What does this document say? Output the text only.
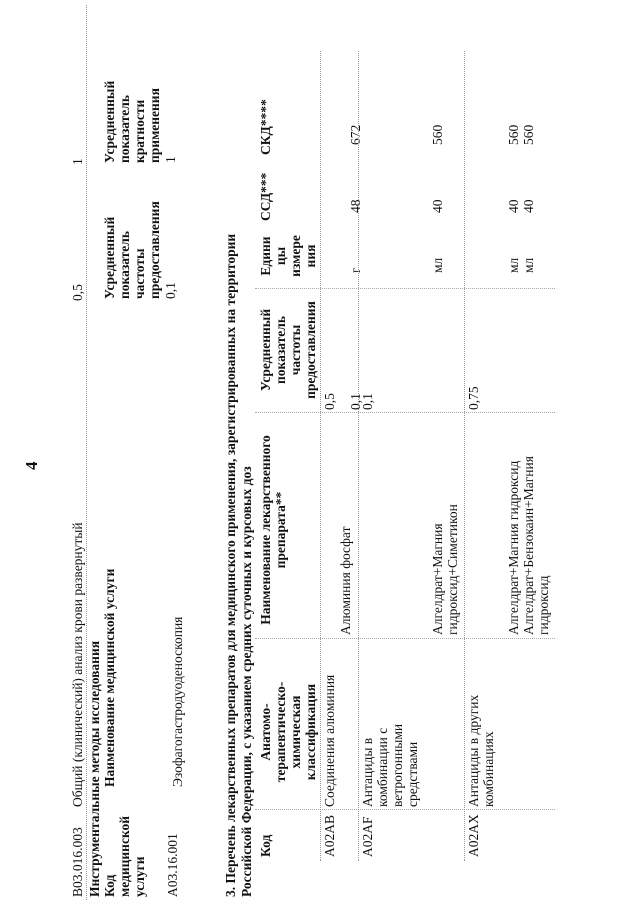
4
B03.016.003
Общий (клинический) анализ крови развернутый
0,5
1
Инструментальные методы исследования Код медицинской услуги
Наименование медицинской услуги
Усредненный показатель частоты предоставления
Усредненный показатель кратности применения
A03.16.001
Эзофагогастродуоденоскопия
0,1
1
3. Перечень лекарственных препаратов для медицинского применения, зарегистрированных на территории Российской Федерации, с указанием средних суточных и курсовых доз Код
Анатомо- терапевтическо- химическая классификация
Наименование лекарственного препарата**
Усредненный показатель частоты предоставления
Едини цы измере ния
ССД***
СКД****
A02AB
Соединения алюминия
0,5
Алюминия фосфат
0,1
г
48
672
A02AF
Антациды в комбинации с ветрогонными средствами
0,1
Алгелдрат+Магния гидроксид+Симетикон
мл
40
560
A02AX
Антациды в других комбинациях
0,75
Алгелдрат+Магния гидроксид
мл
40
560
Алгелдрат+Бензокаин+Магния гидроксид
мл
40
560
